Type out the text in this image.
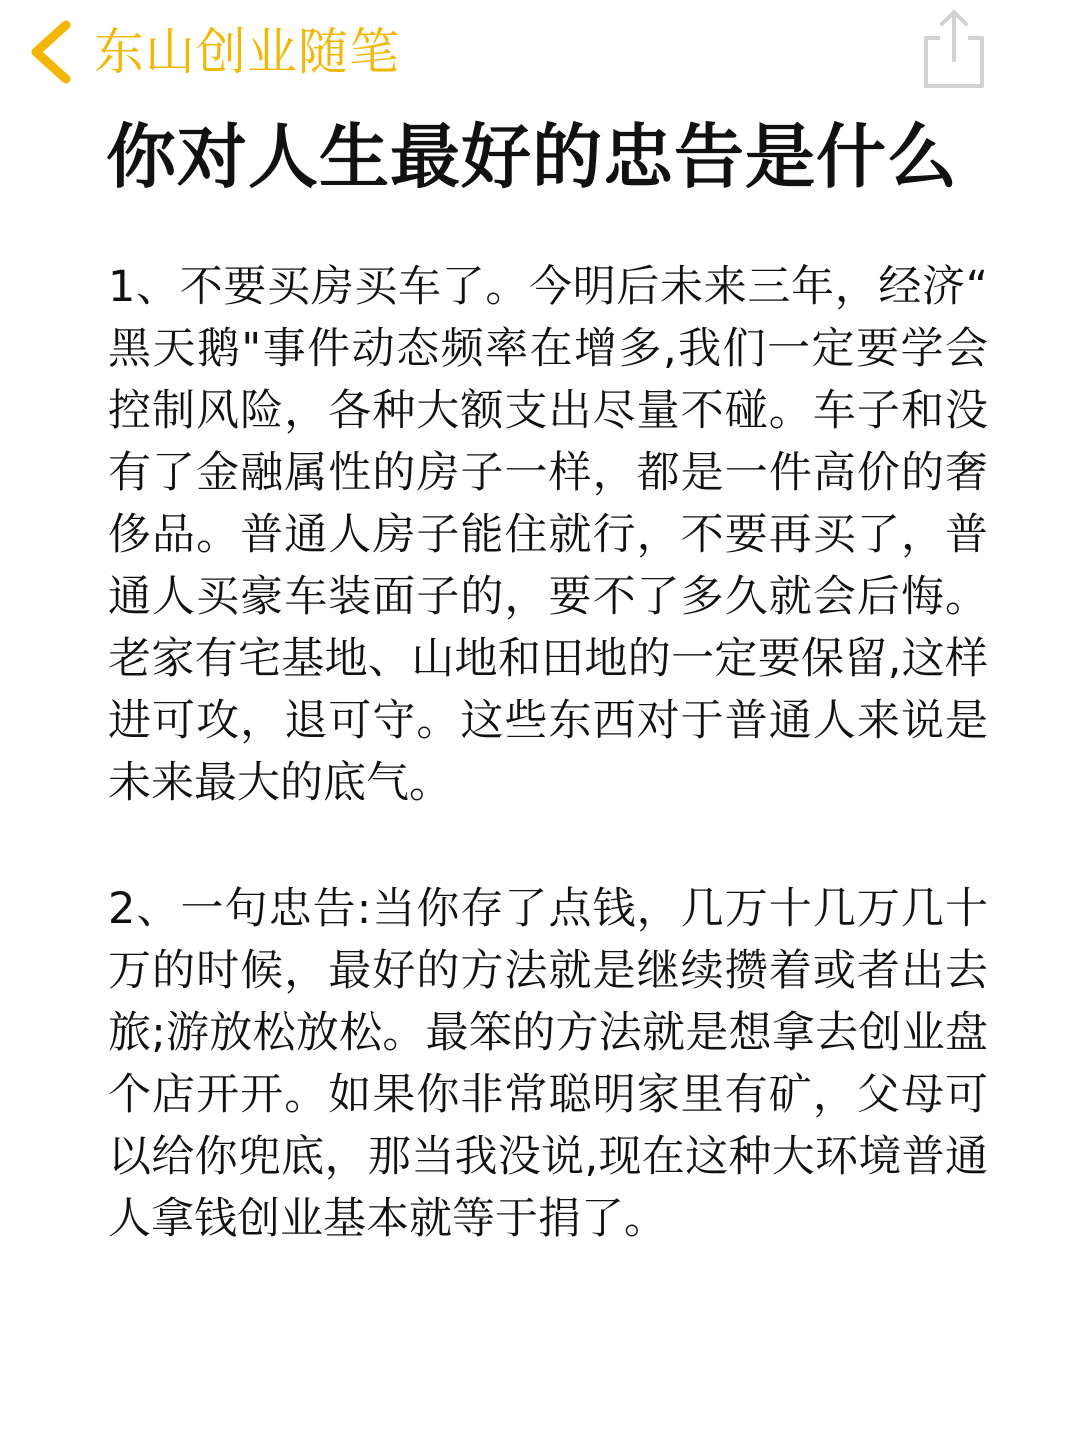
东山创业随笔
你对人生最好的忠告是什么

1、不要买房买车了。今明后未来三年，经济“ 黑天鹅"事件动态频率在增多,我们一定要学会控制风险，各种大额支出尽量不碰。车子和没有了金融属性的房子一样，都是一件高价的奢侈品。普通人房子能住就行，不要再买了，普通人买豪车装面子的，要不了多久就会后悔。老家有宅基地、山地和田地的一定要保留,这样进可攻，退可守。这些东西对于普通人来说是未来最大的底气。

2、一句忠告:当你存了点钱，几万十几万几十万的时候，最好的方法就是继续攒着或者出去旅;游放松放松。最笨的方法就是想拿去创业盘个店开开。如果你非常聪明家里有矿，父母可以给你兜底，那当我没说,现在这种大环境普通人拿钱创业基本就等于捐了。
